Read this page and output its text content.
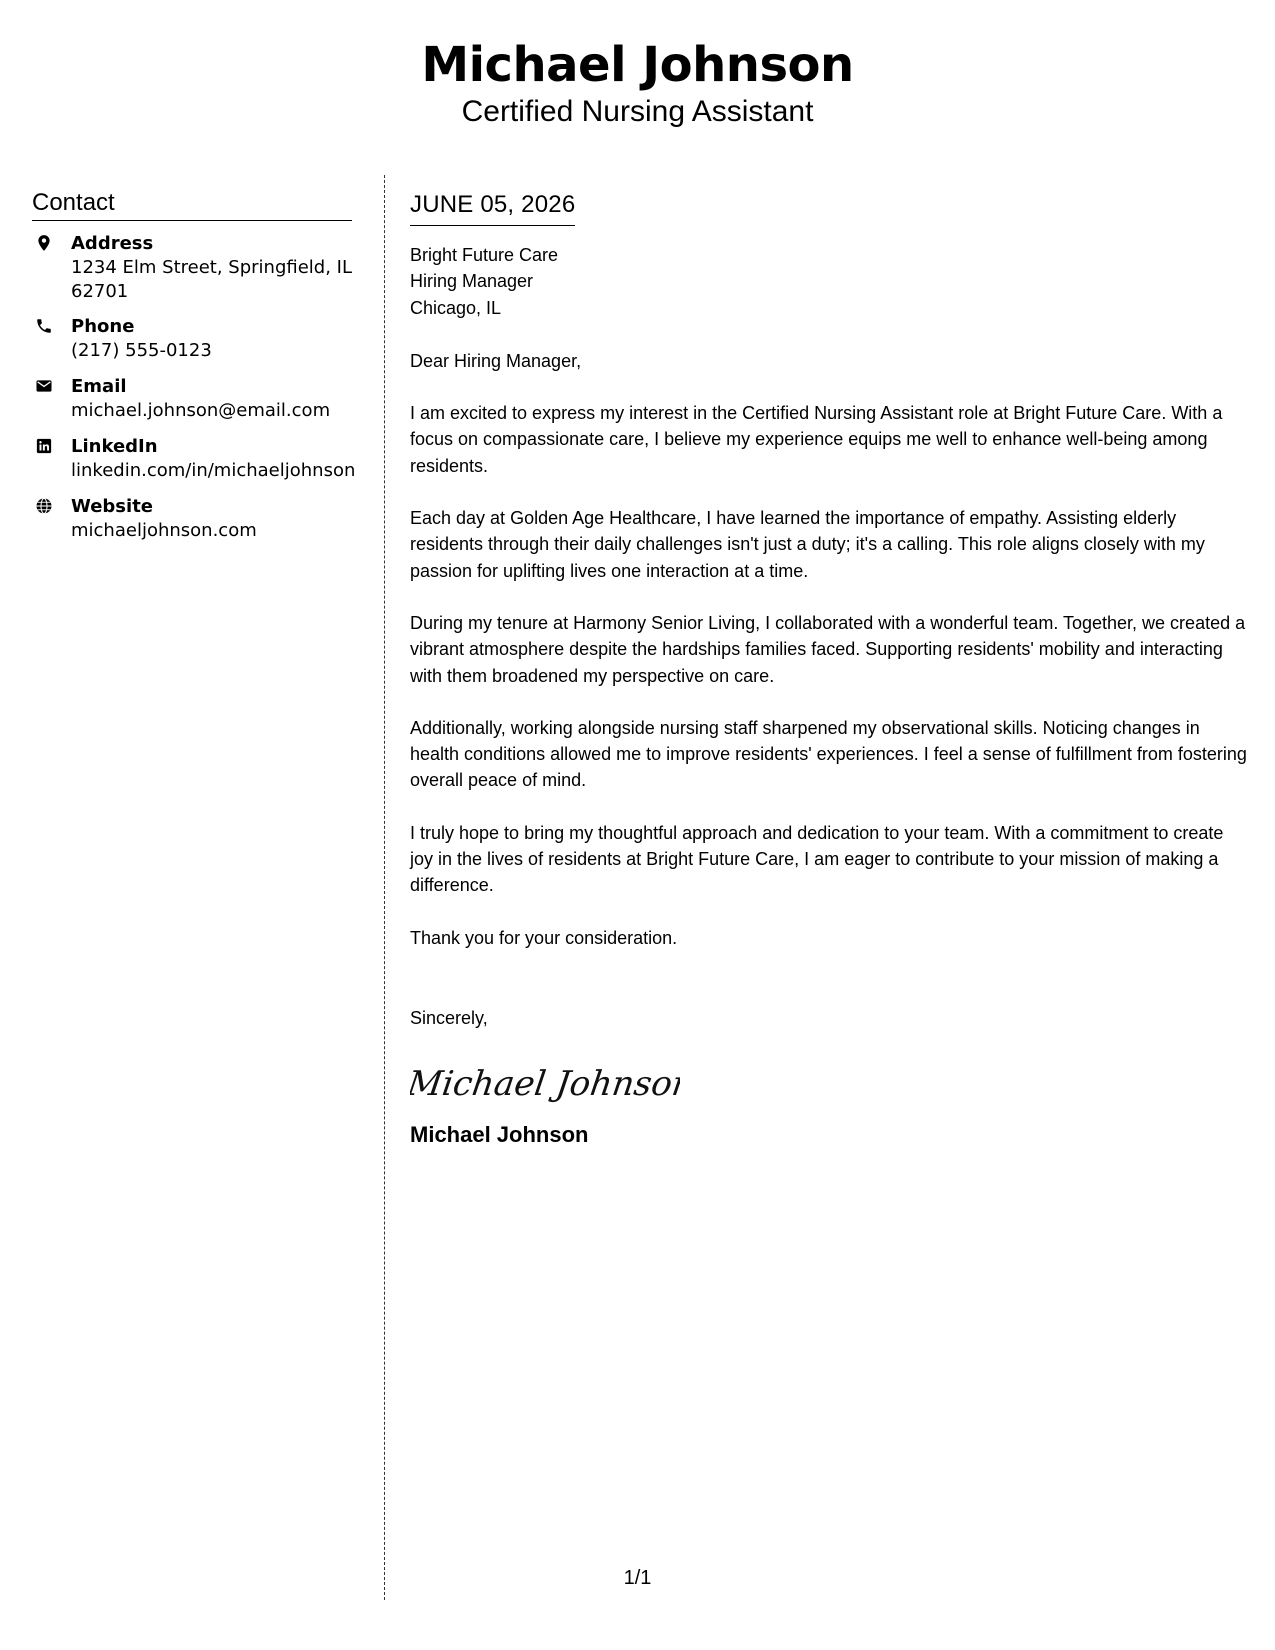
Michael Johnson
Certified Nursing Assistant
Contact
Address
1234 Elm Street, Springfield, IL 62701
Phone
(217) 555-0123
Email
michael.johnson@email.com
LinkedIn
linkedin.com/in/michaeljohnson
Website
michaeljohnson.com
JUNE 05, 2026
Bright Future Care
Hiring Manager
Chicago, IL
Dear Hiring Manager,
I am excited to express my interest in the Certified Nursing Assistant role at Bright Future Care. With a focus on compassionate care, I believe my experience equips me well to enhance well-being among residents.
Each day at Golden Age Healthcare, I have learned the importance of empathy. Assisting elderly residents through their daily challenges isn't just a duty; it's a calling. This role aligns closely with my passion for uplifting lives one interaction at a time.
During my tenure at Harmony Senior Living, I collaborated with a wonderful team. Together, we created a vibrant atmosphere despite the hardships families faced. Supporting residents' mobility and interacting with them broadened my perspective on care.
Additionally, working alongside nursing staff sharpened my observational skills. Noticing changes in health conditions allowed me to improve residents' experiences. I feel a sense of fulfillment from fostering overall peace of mind.
I truly hope to bring my thoughtful approach and dedication to your team. With a commitment to create joy in the lives of residents at Bright Future Care, I am eager to contribute to your mission of making a difference.
Thank you for your consideration.
Sincerely,
Michael Johnson
Michael Johnson
1/1
